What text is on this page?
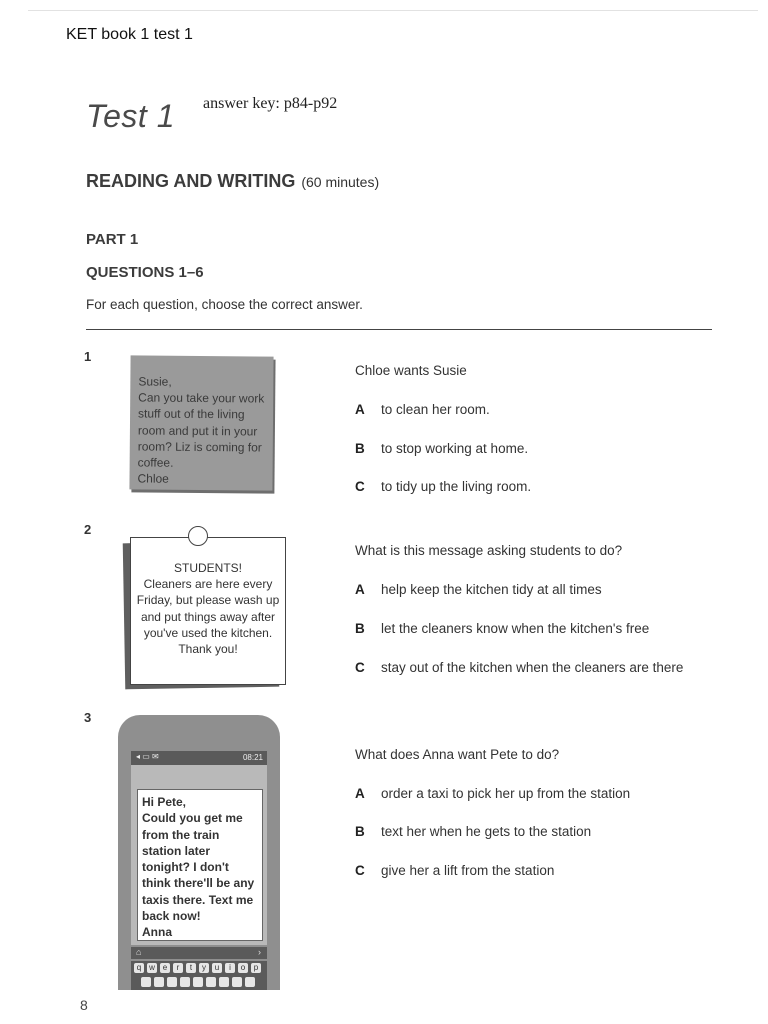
KET book 1 test 1
Test 1 answer key: p84-p92
READING AND WRITING (60 minutes)
PART 1
QUESTIONS 1–6
For each question, choose the correct answer.
1
Susie,
Can you take your work stuff out of the living room and put it in your room? Liz is coming for coffee.
Chloe
Chloe wants Susie
A to clean her room.
B to stop working at home.
C to tidy up the living room.
2
STUDENTS!
Cleaners are here every Friday, but please wash up and put things away after you've used the kitchen.
Thank you!
What is this message asking students to do?
A help keep the kitchen tidy at all times
B let the cleaners know when the kitchen's free
C stay out of the kitchen when the cleaners are there
3
◂ ▭ ✉	08:21
Hi Pete,
Could you get me from the train station later tonight? I don't think there'll be any taxis there. Text me back now!
Anna
⌂	›
q w e	r	t	y	u	i	o	p
What does Anna want Pete to do?
A order a taxi to pick her up from the station
B text her when he gets to the station
C give her a lift from the station
8
